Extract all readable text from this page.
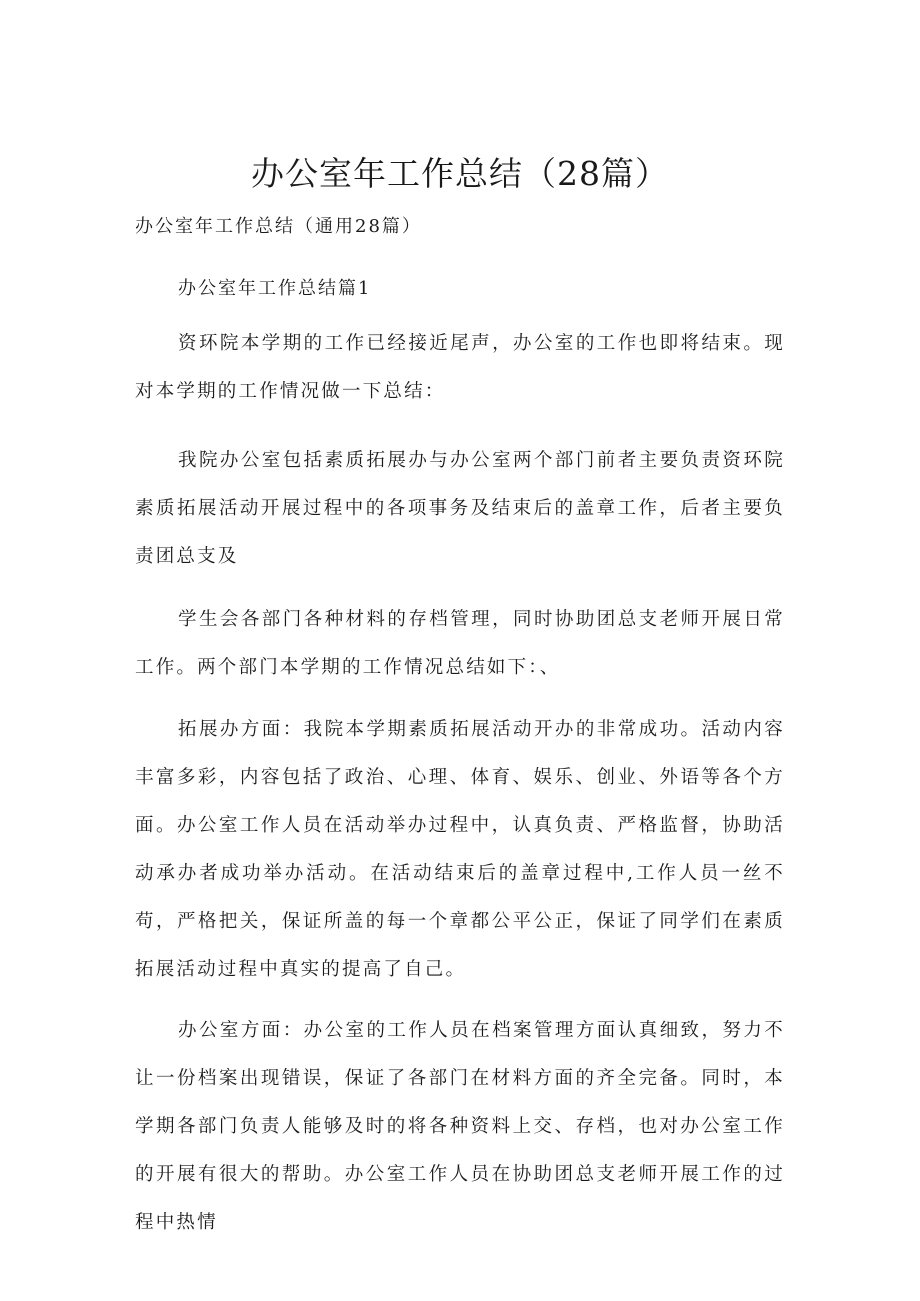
办公室年工作总结（28篇）

办公室年工作总结（通用28篇）

办公室年工作总结篇1

资环院本学期的工作已经接近尾声，办公室的工作也即将结束。现对本学期的工作情况做一下总结：

我院办公室包括素质拓展办与办公室两个部门前者主要负责资环院素质拓展活动开展过程中的各项事务及结束后的盖章工作，后者主要负责团总支及

学生会各部门各种材料的存档管理，同时协助团总支老师开展日常工作。两个部门本学期的工作情况总结如下：、

拓展办方面：我院本学期素质拓展活动开办的非常成功。活动内容丰富多彩，内容包括了政治、心理、体育、娱乐、创业、外语等各个方面。办公室工作人员在活动举办过程中，认真负责、严格监督，协助活动承办者成功举办活动。在活动结束后的盖章过程中,工作人员一丝不苟，严格把关，保证所盖的每一个章都公平公正，保证了同学们在素质拓展活动过程中真实的提高了自己。

办公室方面：办公室的工作人员在档案管理方面认真细致，努力不让一份档案出现错误，保证了各部门在材料方面的齐全完备。同时，本学期各部门负责人能够及时的将各种资料上交、存档，也对办公室工作的开展有很大的帮助。办公室工作人员在协助团总支老师开展工作的过程中热情
